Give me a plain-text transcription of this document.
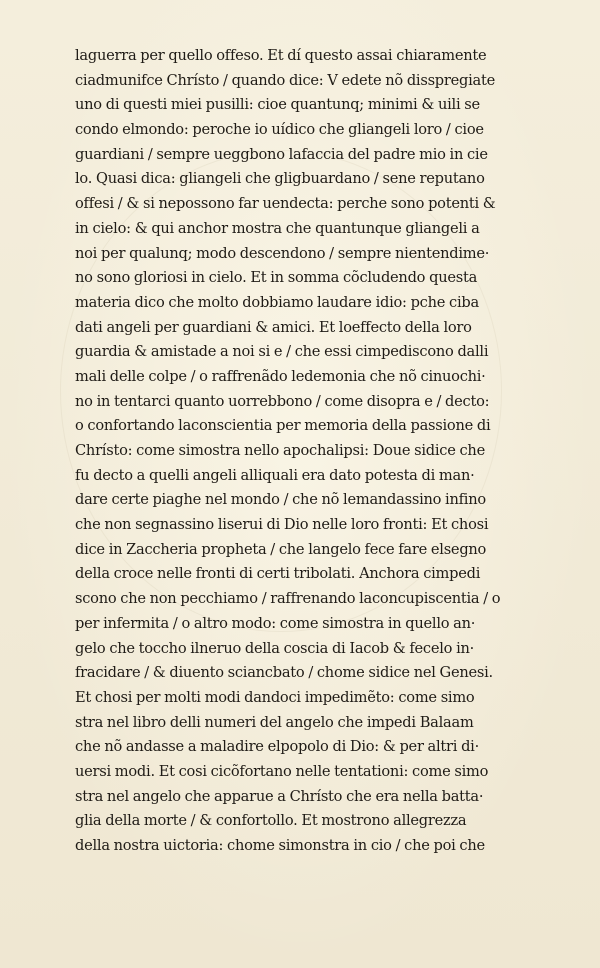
laguerra per quello offeso. Et dí questo assai chiaramente
ciadmunifce Chrísto / quando dice: V edete nõ disspregiate
uno di questi miei pusilli: cioe quantunq; minimi & uili se
condo elmondo: peroche io uídico che gliangeli loro / cioe
guardiani / sempre ueggbono lafaccia del padre mio in cie
lo. Quasi dica: gliangeli che gligbuardano / sene reputano
offesi / & si nepossono far uendecta: perche sono potenti &
in cielo: & qui anchor mostra che quantunque gliangeli a
noi per qualunq; modo descendono / sempre nientendime·
no sono gloriosi in cielo. Et in somma cõcludendo questa
materia dico che molto dobbiamo laudare idio: pche ciba
dati angeli per guardiani & amici. Et loeffecto della loro
guardia & amistade a noi si e / che essi cimpediscono dalli
mali delle colpe / o raffrenãdo ledemonia che nõ cinuochi·
no in tentarci quanto uorrebbono / come disopra e / decto:
o confortando laconscientia per memoria della passione di
Chrísto: come simostra nello apochalipsi: Doue sidice che
fu decto a quelli angeli alliquali era dato potesta di man·
dare certe piaghe nel mondo / che nõ lemandassino infino
che non segnassino liserui di Dio nelle loro fronti: Et chosi
dice in Zaccheria propheta / che langelo fece fare elsegno
della croce nelle fronti di certi tribolati. Anchora cimpedi
scono che non pecchiamo / raffrenando laconcupiscentia / o
per infermita / o altro modo: come simostra in quello an·
gelo che toccho ilneruo della coscia di Iacob & fecelo in·
fracidare / & diuento sciancbato / chome sidice nel Genesi.
Et chosi per molti modi dandoci impedimẽto: come simo
stra nel libro delli numeri del angelo che impedi Balaam
che nõ andasse a maladire elpopolo di Dio: & per altri di·
uersi modi. Et cosi cicõfortano nelle tentationi: come simo
stra nel angelo che apparue a Chrísto che era nella batta·
glia della morte / & confortollo. Et mostrono allegrezza
della nostra uictoria: chome simonstra in cio / che poi che
